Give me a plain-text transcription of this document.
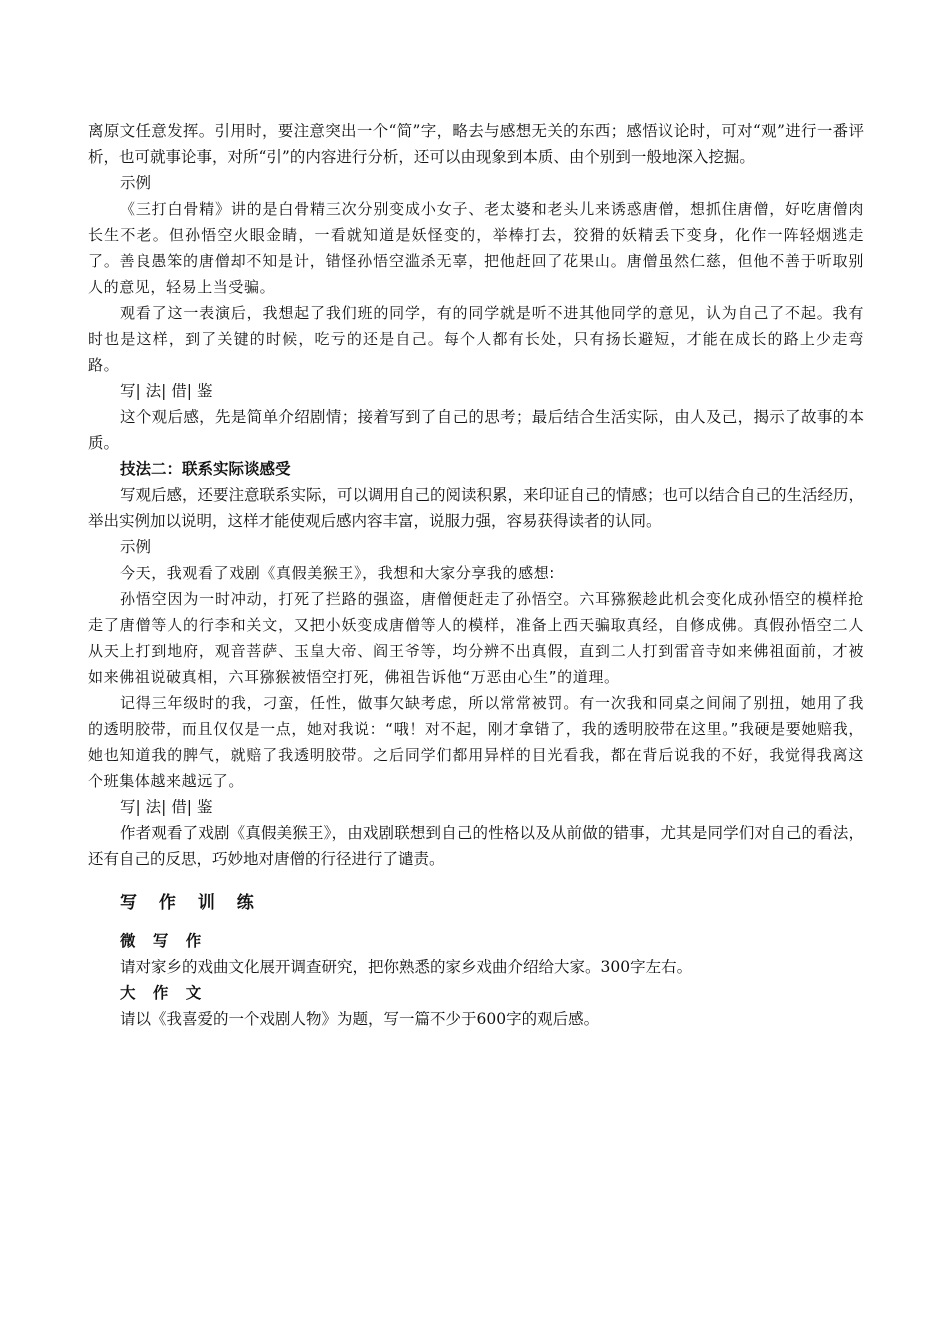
离原文任意发挥。引用时，要注意突出一个“简”字，略去与感想无关的东西；感悟议论时，可对“观”进行一番评析，也可就事论事，对所“引”的内容进行分析，还可以由现象到本质、由个别到一般地深入挖掘。

示例

《三打白骨精》讲的是白骨精三次分别变成小女子、老太婆和老头儿来诱惑唐僧，想抓住唐僧，好吃唐僧肉长生不老。但孙悟空火眼金睛，一看就知道是妖怪变的，举棒打去，狡猾的妖精丢下变身，化作一阵轻烟逃走了。善良愚笨的唐僧却不知是计，错怪孙悟空滥杀无辜，把他赶回了花果山。唐僧虽然仁慈，但他不善于听取别人的意见，轻易上当受骗。

观看了这一表演后，我想起了我们班的同学，有的同学就是听不进其他同学的意见，认为自己了不起。我有时也是这样，到了关键的时候，吃亏的还是自己。每个人都有长处，只有扬长避短，才能在成长的路上少走弯路。

写| 法| 借| 鉴

这个观后感，先是简单介绍剧情；接着写到了自己的思考；最后结合生活实际，由人及己，揭示了故事的本质。

技法二：联系实际谈感受

写观后感，还要注意联系实际，可以调用自己的阅读积累，来印证自己的情感；也可以结合自己的生活经历，举出实例加以说明，这样才能使观后感内容丰富，说服力强，容易获得读者的认同。

示例

今天，我观看了戏剧《真假美猴王》，我想和大家分享我的感想:

孙悟空因为一时冲动，打死了拦路的强盗，唐僧便赶走了孙悟空。六耳猕猴趁此机会变化成孙悟空的模样抢走了唐僧等人的行李和关文，又把小妖变成唐僧等人的模样，准备上西天骗取真经，自修成佛。真假孙悟空二人从天上打到地府，观音菩萨、玉皇大帝、阎王爷等，均分辨不出真假，直到二人打到雷音寺如来佛祖面前，才被如来佛祖说破真相，六耳猕猴被悟空打死，佛祖告诉他“万恶由心生”的道理。

记得三年级时的我，刁蛮，任性，做事欠缺考虑，所以常常被罚。有一次我和同桌之间闹了别扭，她用了我的透明胶带，而且仅仅是一点，她对我说：“哦！对不起，刚才拿错了，我的透明胶带在这里。”我硬是要她赔我，她也知道我的脾气，就赔了我透明胶带。之后同学们都用异样的目光看我，都在背后说我的不好，我觉得我离这个班集体越来越远了。

写| 法| 借| 鉴

作者观看了戏剧《真假美猴王》，由戏剧联想到自己的性格以及从前做的错事，尤其是同学们对自己的看法，还有自己的反思，巧妙地对唐僧的行径进行了谴责。

写 作 训 练
微 写 作

请对家乡的戏曲文化展开调查研究，把你熟悉的家乡戏曲介绍给大家。300字左右。

大 作 文

请以《我喜爱的一个戏剧人物》为题，写一篇不少于600字的观后感。
